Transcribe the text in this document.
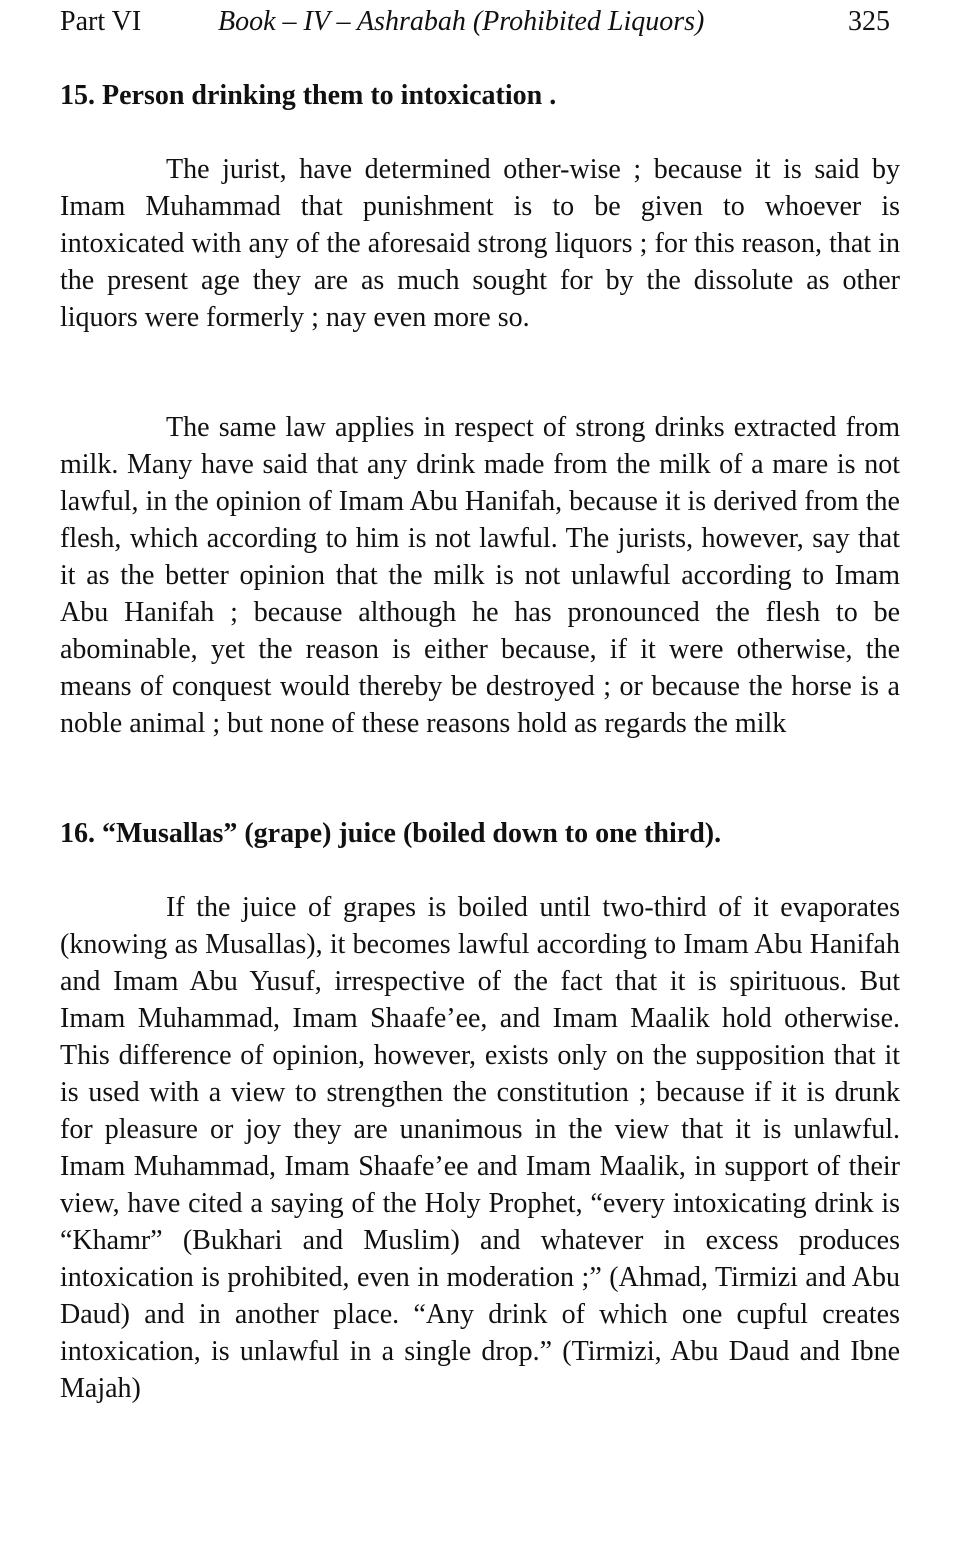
Part VI	Book – IV – Ashrabah (Prohibited Liquors)	325
15. Person drinking them to intoxication .

The jurist, have determined other-wise ; because it is said by Imam Muhammad that punishment is to be given to whoever is intoxicated with any of the aforesaid strong liquors ; for this reason, that in the present age they are as much sought for by the dissolute as other liquors were formerly ; nay even more so.

The same law applies in respect of strong drinks extracted from milk. Many have said that any drink made from the milk of a mare is not lawful, in the opinion of Imam Abu Hanifah, because it is derived from the flesh, which according to him is not lawful. The jurists, however, say that it as the better opinion that the milk is not unlawful according to Imam Abu Hanifah ; because although he has pronounced the flesh to be abominable, yet the reason is either because, if it were otherwise, the means of conquest would thereby be destroyed ; or because the horse is a noble animal ; but none of these reasons hold as regards the milk

16. “Musallas” (grape) juice (boiled down to one third).

If the juice of grapes is boiled until two-third of it evaporates (knowing as Musallas), it becomes lawful according to Imam Abu Hanifah and Imam Abu Yusuf, irrespective of the fact that it is spirituous. But Imam Muhammad, Imam Shaafe’ee, and Imam Maalik hold otherwise. This difference of opinion, however, exists only on the supposition that it is used with a view to strengthen the constitution ; because if it is drunk for pleasure or joy they are unanimous in the view that it is unlawful. Imam Muhammad, Imam Shaafe’ee and Imam Maalik, in support of their view, have cited a saying of the Holy Prophet, “every intoxicating drink is “Khamr” (Bukhari and Muslim) and whatever in excess produces intoxication is prohibited, even in moderation ;” (Ahmad, Tirmizi and Abu Daud) and in another place. “Any drink of which one cupful creates intoxication, is unlawful in a single drop.” (Tirmizi, Abu Daud and Ibne Majah)
